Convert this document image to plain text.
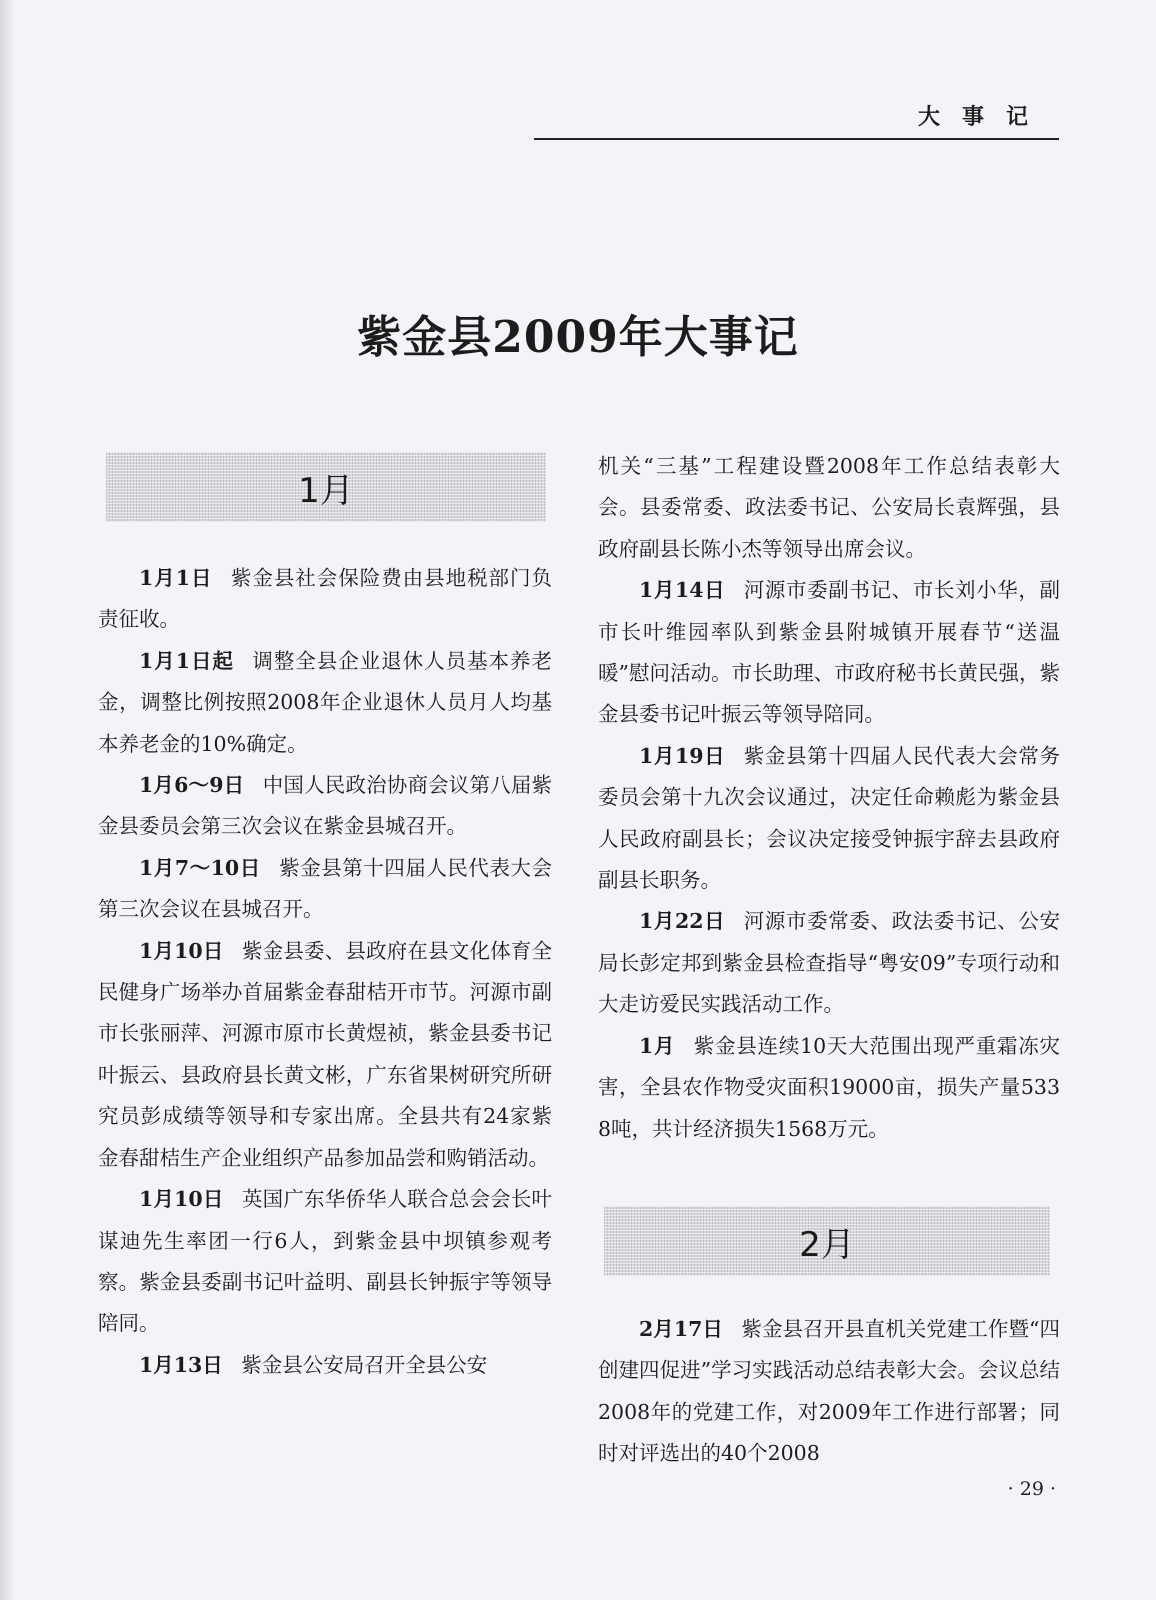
大事记
紫金县2009年大事记
1月

1月1日 紫金县社会保险费由县地税部门负责征收。

1月1日起 调整全县企业退休人员基本养老金，调整比例按照2008年企业退休人员月人均基本养老金的10%确定。

1月6～9日 中国人民政治协商会议第八届紫金县委员会第三次会议在紫金县城召开。

1月7～10日 紫金县第十四届人民代表大会第三次会议在县城召开。

1月10日 紫金县委、县政府在县文化体育全民健身广场举办首届紫金春甜桔开市节。河源市副市长张丽萍、河源市原市长黄煜祯，紫金县委书记叶振云、县政府县长黄文彬，广东省果树研究所研究员彭成绩等领导和专家出席。全县共有24家紫金春甜桔生产企业组织产品参加品尝和购销活动。

1月10日 英国广东华侨华人联合总会会长叶谋迪先生率团一行6人，到紫金县中坝镇参观考察。紫金县委副书记叶益明、副县长钟振宇等领导陪同。

1月13日 紫金县公安局召开全县公安

机关“三基”工程建设暨2008年工作总结表彰大会。县委常委、政法委书记、公安局长袁辉强，县政府副县长陈小杰等领导出席会议。

1月14日 河源市委副书记、市长刘小华，副市长叶维园率队到紫金县附城镇开展春节“送温暖”慰问活动。市长助理、市政府秘书长黄民强，紫金县委书记叶振云等领导陪同。

1月19日 紫金县第十四届人民代表大会常务委员会第十九次会议通过，决定任命赖彪为紫金县人民政府副县长；会议决定接受钟振宇辞去县政府副县长职务。

1月22日 河源市委常委、政法委书记、公安局长彭定邦到紫金县检查指导“粤安09”专项行动和大走访爱民实践活动工作。

1月 紫金县连续10天大范围出现严重霜冻灾害，全县农作物受灾面积19000亩，损失产量5338吨，共计经济损失1568万元。

2月

2月17日 紫金县召开县直机关党建工作暨“四创建四促进”学习实践活动总结表彰大会。会议总结2008年的党建工作，对2009年工作进行部署；同时对评选出的40个2008

· 29 ·
